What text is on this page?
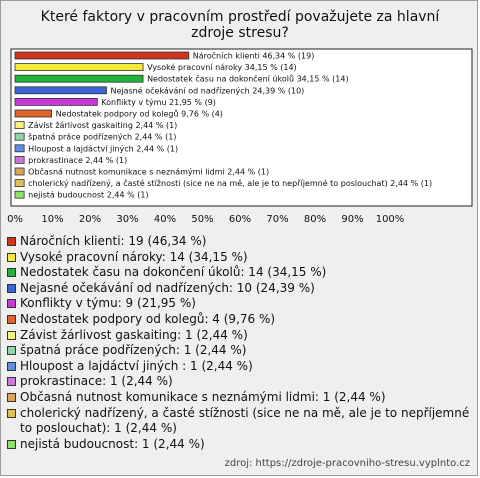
Které faktory v pracovním prostředí považujete za hlavní zdroje stresu?
Náročních klienti 46,34 % (19)
Vysoké pracovní nároky 34,15 % (14)
Nedostatek času na dokončení úkolů 34,15 % (14)
Nejasné očekávání od nadřízených 24,39 % (10)
Konflikty v týmu 21,95 % (9)
Nedostatek podpory od kolegů 9,76 % (4)
Závist žárlivost gaskaiting 2,44 % (1)
špatná práce podřízených 2,44 % (1)
Hloupost a lajdáctví jiných 2,44 % (1)
prokrastinace 2,44 % (1)
Občasná nutnost komunikace s neznámými lidmi 2,44 % (1)
cholerický nadřízený, a časté stížnosti (sice ne na mě, ale je to nepříjemné to poslouchat) 2,44 % (1)
nejistá budoucnost 2,44 % (1)
0% 10% 20% 30% 40% 50% 60% 70% 80% 90% 100%
Náročních klienti: 19 (46,34 %)
Vysoké pracovní nároky: 14 (34,15 %)
Nedostatek času na dokončení úkolů: 14 (34,15 %)
Nejasné očekávání od nadřízených: 10 (24,39 %)
Konflikty v týmu: 9 (21,95 %)
Nedostatek podpory od kolegů: 4 (9,76 %)
Závist žárlivost gaskaiting: 1 (2,44 %)
špatná práce podřízených: 1 (2,44 %)
Hloupost a lajdáctví jiných : 1 (2,44 %)
prokrastinace: 1 (2,44 %)
Občasná nutnost komunikace s neznámými lidmi: 1 (2,44 %)
cholerický nadřízený, a časté stížnosti (sice ne na mě, ale je to nepříjemné to poslouchat): 1 (2,44 %)
nejistá budoucnost: 1 (2,44 %)
zdroj: https://zdroje-pracovniho-stresu.vyplnto.cz
